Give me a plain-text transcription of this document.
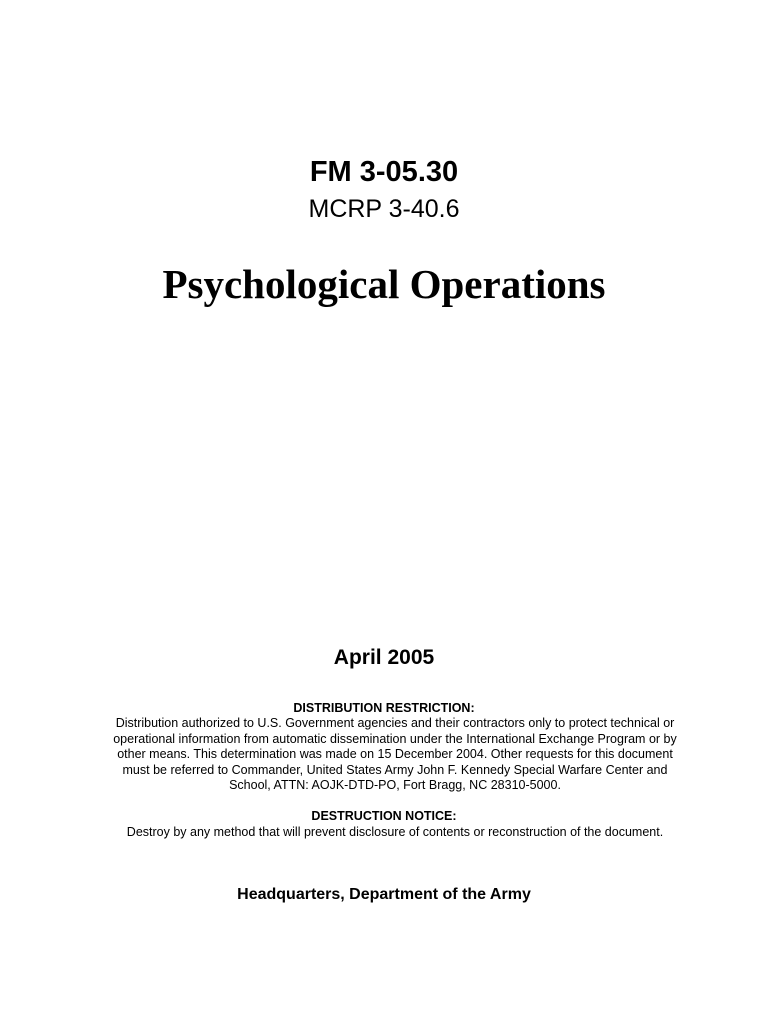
FM 3-05.30
MCRP 3-40.6
Psychological Operations
April 2005
DISTRIBUTION RESTRICTION:
Distribution authorized to U.S. Government agencies and their contractors only to protect technical or
operational information from automatic dissemination under the International Exchange Program or by
other means. This determination was made on 15 December 2004. Other requests for this document
must be referred to Commander, United States Army John F. Kennedy Special Warfare Center and
School, ATTN: AOJK-DTD-PO, Fort Bragg, NC 28310-5000.
DESTRUCTION NOTICE:
Destroy by any method that will prevent disclosure of contents or reconstruction of the document.
Headquarters, Department of the Army
